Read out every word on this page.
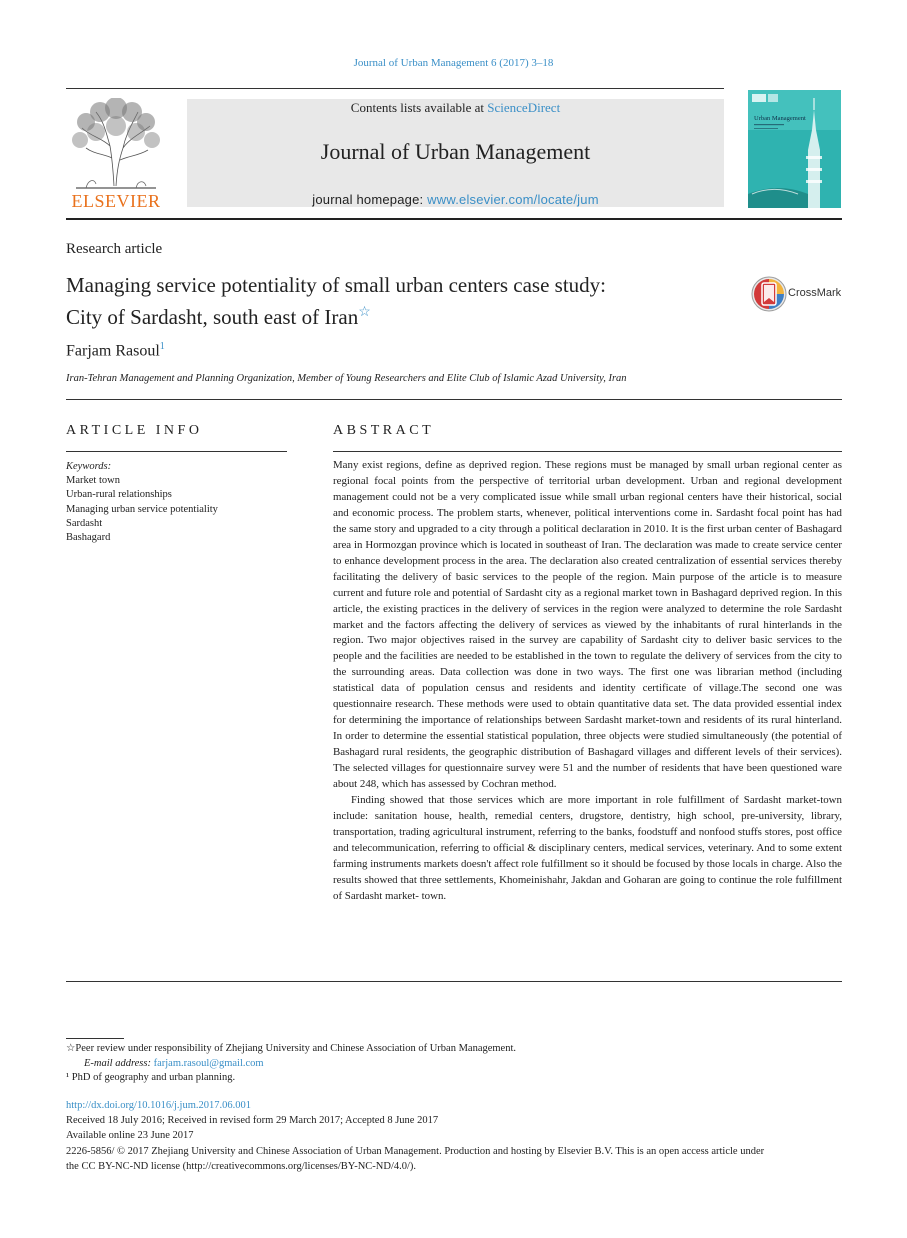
Journal of Urban Management 6 (2017) 3–18
ELSEVIER
Contents lists available at ScienceDirect
Journal of Urban Management
journal homepage: www.elsevier.com/locate/jum
Urban Management
Research article
Managing service potentiality of small urban centers case study:
City of Sardasht, south east of Iran☆
CrossMark
Farjam Rasoul$^1$
Iran-Tehran Management and Planning Organization, Member of Young Researchers and Elite Club of Islamic Azad University, Iran
ARTICLE INFO
Keywords:
Market town
Urban-rural relationships
Managing urban service potentiality
Sardasht
Bashagard
ABSTRACT

Many exist regions, define as deprived region. These regions must be managed by small urban regional center as regional focal points from the perspective of territorial urban development. Urban and regional development management could not be a very complicated issue while small urban regional centers have their historical, social and economic process. The problem starts, whenever, political interventions come in. Sardasht focal point has had the same story and upgraded to a city through a political declaration in 2010. It is the first urban center of Bashagard area in Hormozgan province which is located in southeast of Iran. The declaration was made to create service center to enhance development process in the area. The declaration also created centralization of essential services thereby facilitating the delivery of basic services to the people of the region. Main purpose of the article is to measure current and future role and potential of Sardasht city as a regional market town in Bashagard deprived region. In this article, the existing practices in the delivery of services in the region were analyzed to determine the role Sardasht market and the factors affecting the delivery of services as viewed by the inhabitants of rural hinterlands in the region. Two major objectives raised in the survey are capability of Sardasht city to deliver basic services to the people and the facilities are needed to be established in the town to regulate the delivery of services from the city to the surrounding areas. Data collection was done in two ways. The first one was librarian method (including statistical data of population census and residents and identity certificate of village.The second one was questionnaire research. These methods were used to obtain quantitative data set. The data provided essential index for determining the importance of relationships between Sardasht market-town and residents of its rural hinterland. In order to determine the essential statistical population, three objects were studied simultaneously (the potential of Bashagard rural residents, the geographic distribution of Bashagard villages and different levels of their services). The selected villages for questionnaire survey were 51 and the number of residents that have been questioned ware about 248, which has assessed by Cochran method.

Finding showed that those services which are more important in role fulfillment of Sardasht market-town include: sanitation house, health, remedial centers, drugstore, dentistry, high school, pre-university, library, transportation, trading agricultural instrument, referring to the banks, foodstuff and nonfood stuffs stores, post office and telecommunication, referring to official & disciplinary centers, medical services, veterinary. And to some extent farming instruments markets doesn't affect role fulfillment so it should be focused by those locals in charge. Also the results showed that three settlements, Khomeinishahr, Jakdan and Goharan are going to continue the role fulfillment of Sardasht market- town.

☆Peer review under responsibility of Zhejiang University and Chinese Association of Urban Management.
E-mail address: farjam.rasoul@gmail.com
¹ PhD of geography and urban planning.
http://dx.doi.org/10.1016/j.jum.2017.06.001
Received 18 July 2016; Received in revised form 29 March 2017; Accepted 8 June 2017
Available online 23 June 2017
2226-5856/ © 2017 Zhejiang University and Chinese Association of Urban Management. Production and hosting by Elsevier B.V. This is an open access article under
the CC BY-NC-ND license (http://creativecommons.org/licenses/BY-NC-ND/4.0/).
